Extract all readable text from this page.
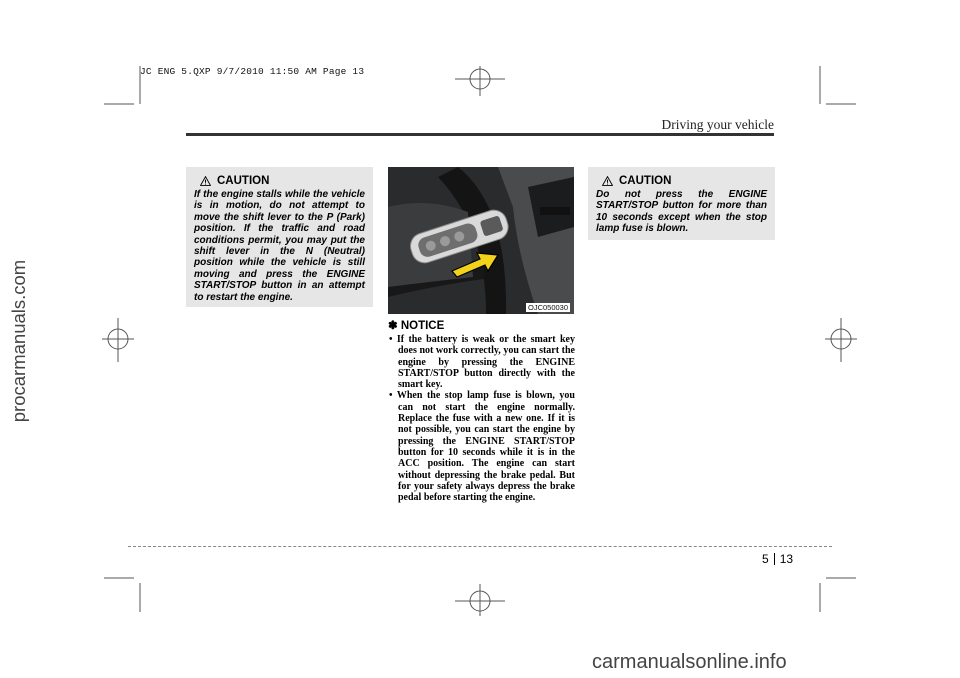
JC ENG 5.QXP 9/7/2010 11:50 AM Page 13
procarmanuals.com
carmanualsonline.info
Driving your vehicle
CAUTION
If the engine stalls while the vehicle is in motion, do not attempt to move the shift lever to the P (Park) position. If the traffic and road conditions permit, you may put the shift lever in the N (Neutral) position while the vehicle is still moving and press the ENGINE START/STOP button in an attempt to restart the engine.
OJC050030
✽ NOTICE
• If the battery is weak or the smart key does not work correctly, you can start the engine by pressing the ENGINE START/STOP button directly with the smart key.
• When the stop lamp fuse is blown, you can not start the engine normally. Replace the fuse with a new one. If it is not possible, you can start the engine by pressing the ENGINE START/STOP button for 10 seconds while it is in the ACC position. The engine can start without depressing the brake pedal. But for your safety always depress the brake pedal before starting the engine.
CAUTION
Do not press the ENGINE START/STOP button for more than 10 seconds except when the stop lamp fuse is blown.
5 13
